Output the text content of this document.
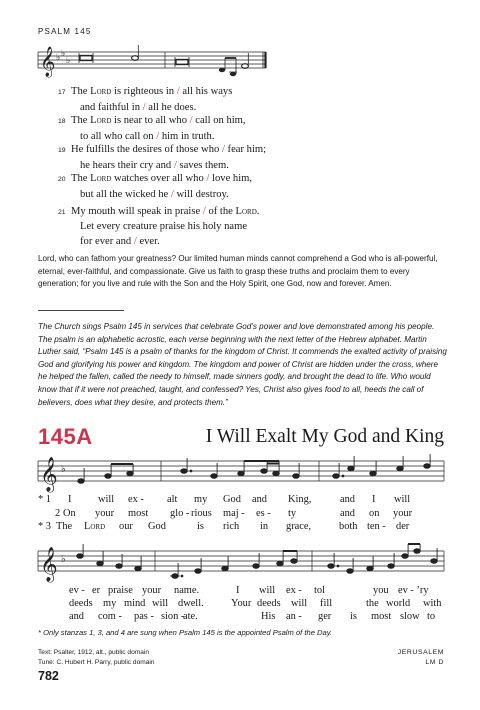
PSALM 145
𝄞 ♭ ♭
♭
17 The Lord is righteous in / all his ways
and faithful in / all he does.
18 The Lord is near to all who / call on him,
to all who call on / him in truth.
19 He fulfills the desires of those who / fear him;
he hears their cry and / saves them.
20 The Lord watches over all who / love him,
but all the wicked he / will destroy.
21 My mouth will speak in praise / of the Lord.
Let every creature praise his holy name
for ever and / ever.
Lord, who can fathom your greatness? Our limited human minds cannot comprehend a God who is all-powerful, eternal, ever-faithful, and compassionate. Give us faith to grasp these truths and proclaim them to every generation; for you live and rule with the Son and the Holy Spirit, one God, now and forever. Amen.
The Church sings Psalm 145 in services that celebrate God’s power and love demonstrated among his people. The psalm is an alphabetic acrostic, each verse beginning with the next letter of the Hebrew alphabet. Martin Luther said, “Psalm 145 is a psalm of thanks for the kingdom of Christ. It commends the exalted activity of praising God and glorifying his power and kingdom. The kingdom and power of Christ are hidden under the cross, where he helped the fallen, called the needy to himself, made sinners godly, and brought the dead to life. Who would know that if it were not preached, taught, and confessed? Yes, Christ also gives food to all, heeds the call of believers, does what they desire, and protects them.”
145A	I Will Exalt My God and King
𝄞 ♭
* 1
2
* 3
I	will ex - alt my God and King,	and I will
On your most glo - rious maj - es - ty	and on your
The Lord our God	is rich in grace,	both ten - der
𝄞 ♭
ev - er praise your name.	I will ex - tol	you ev - ’ry
deeds my mind will dwell.	Your deeds will fill	the world with
and com - pas - sion -
ate.	His an - ger is most slow to
* Only stanzas 1, 3, and 4 are sung when Psalm 145 is the appointed Psalm of the Day.
Text: Psalter, 1912, alt., public domain
Tune: C. Hubert H. Parry, public domain
JERUSALEM
LM D
782
